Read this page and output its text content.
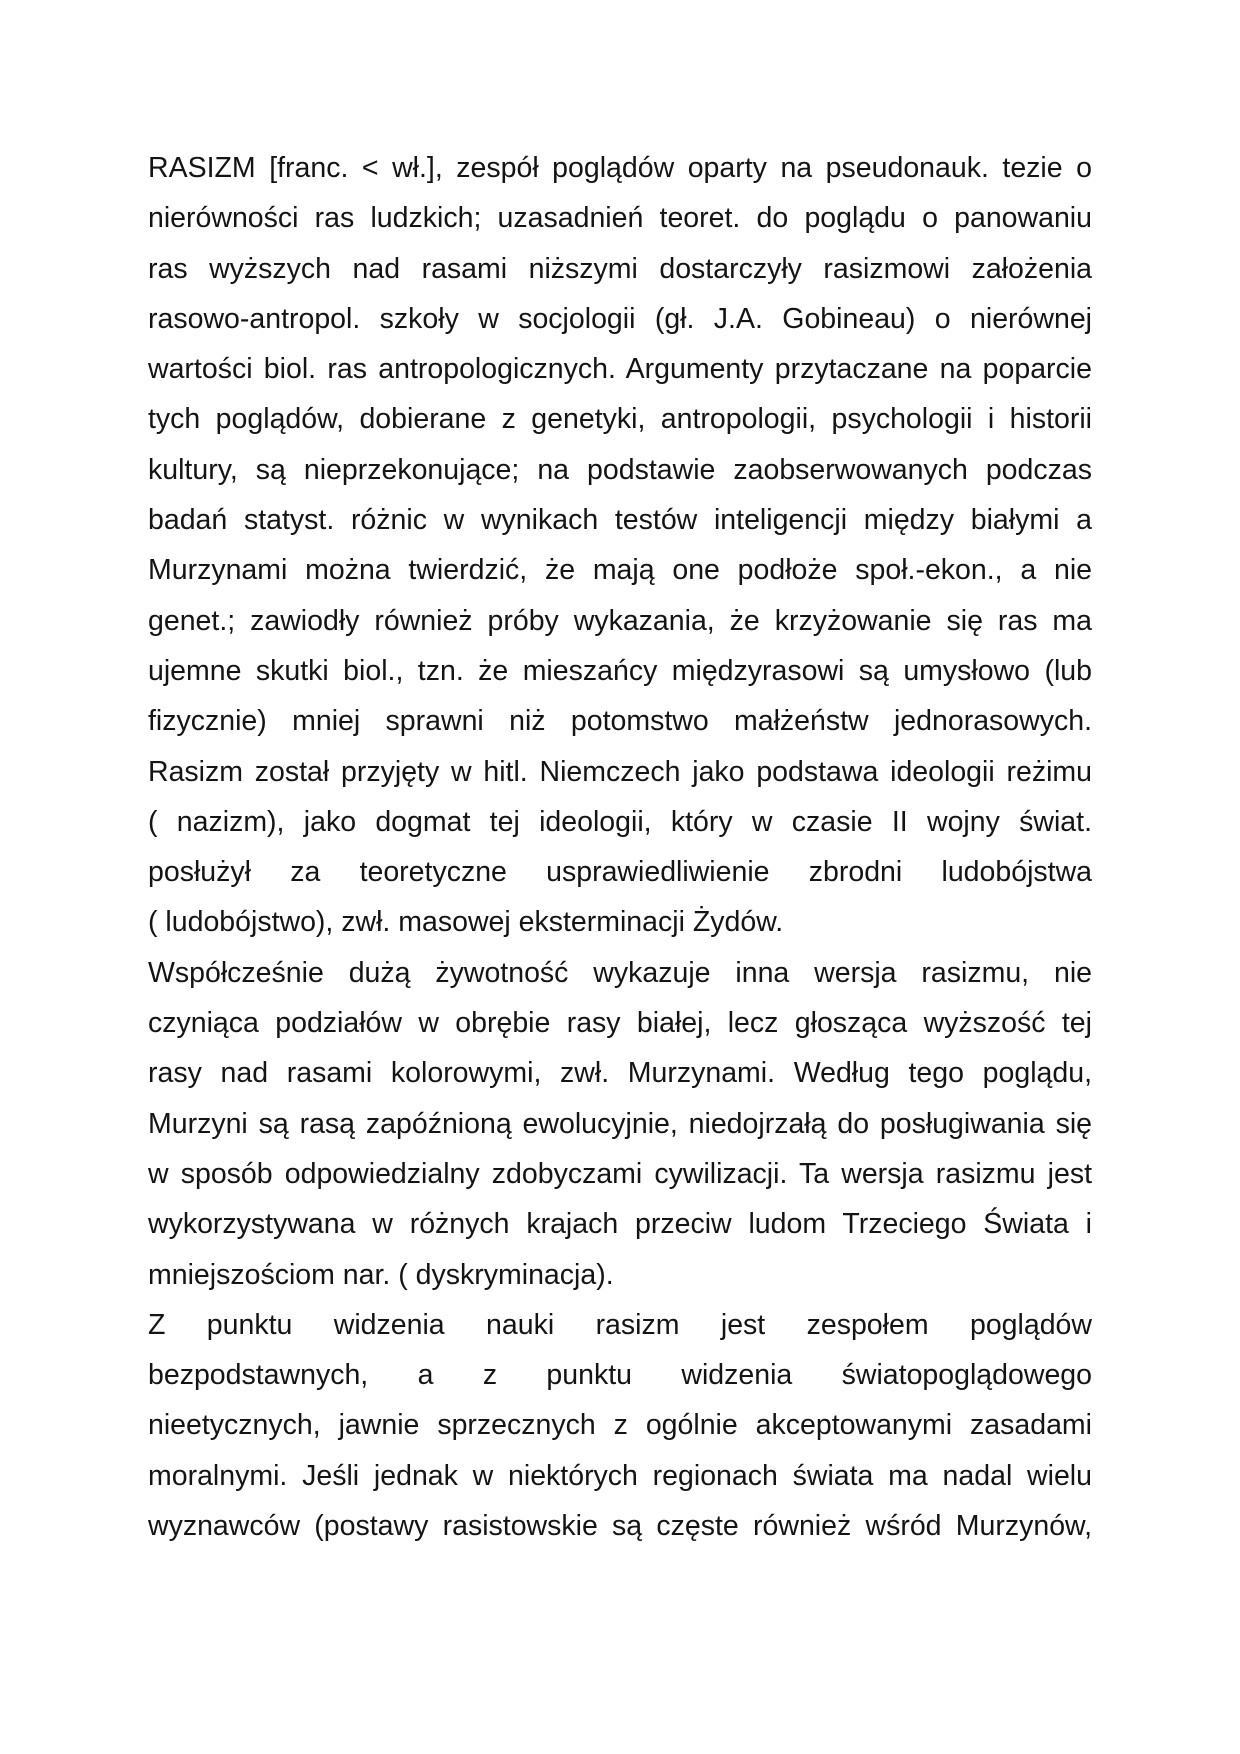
RASIZM [franc. < wł.], zespół poglądów oparty na pseudonauk. tezie o
nierówności ras ludzkich; uzasadnień teoret. do poglądu o panowaniu
ras wyższych nad rasami niższymi dostarczyły rasizmowi założenia
rasowo-antropol. szkoły w socjologii (gł. J.A. Gobineau) o nierównej
wartości biol. ras antropologicznych. Argumenty przytaczane na poparcie
tych poglądów, dobierane z genetyki, antropologii, psychologii i historii
kultury, są nieprzekonujące; na podstawie zaobserwowanych podczas
badań statyst. różnic w wynikach testów inteligencji między białymi a
Murzynami można twierdzić, że mają one podłoże społ.-ekon., a nie
genet.; zawiodły również próby wykazania, że krzyżowanie się ras ma
ujemne skutki biol., tzn. że mieszańcy międzyrasowi są umysłowo (lub
fizycznie) mniej sprawni niż potomstwo małżeństw jednorasowych.
Rasizm został przyjęty w hitl. Niemczech jako podstawa ideologii reżimu
( nazizm), jako dogmat tej ideologii, który w czasie II wojny świat.
posłużył za teoretyczne usprawiedliwienie zbrodni ludobójstwa
( ludobójstwo), zwł. masowej eksterminacji Żydów.

Współcześnie dużą żywotność wykazuje inna wersja rasizmu, nie
czyniąca podziałów w obrębie rasy białej, lecz głosząca wyższość tej
rasy nad rasami kolorowymi, zwł. Murzynami. Według tego poglądu,
Murzyni są rasą zapóźnioną ewolucyjnie, niedojrzałą do posługiwania się
w sposób odpowiedzialny zdobyczami cywilizacji. Ta wersja rasizmu jest
wykorzystywana w różnych krajach przeciw ludom Trzeciego Świata i
mniejszościom nar. ( dyskryminacja).

Z punktu widzenia nauki rasizm jest zespołem poglądów
bezpodstawnych, a z punktu widzenia światopoglądowego
nieetycznych, jawnie sprzecznych z ogólnie akceptowanymi zasadami
moralnymi. Jeśli jednak w niektórych regionach świata ma nadal wielu
wyznawców (postawy rasistowskie są częste również wśród Murzynów,
